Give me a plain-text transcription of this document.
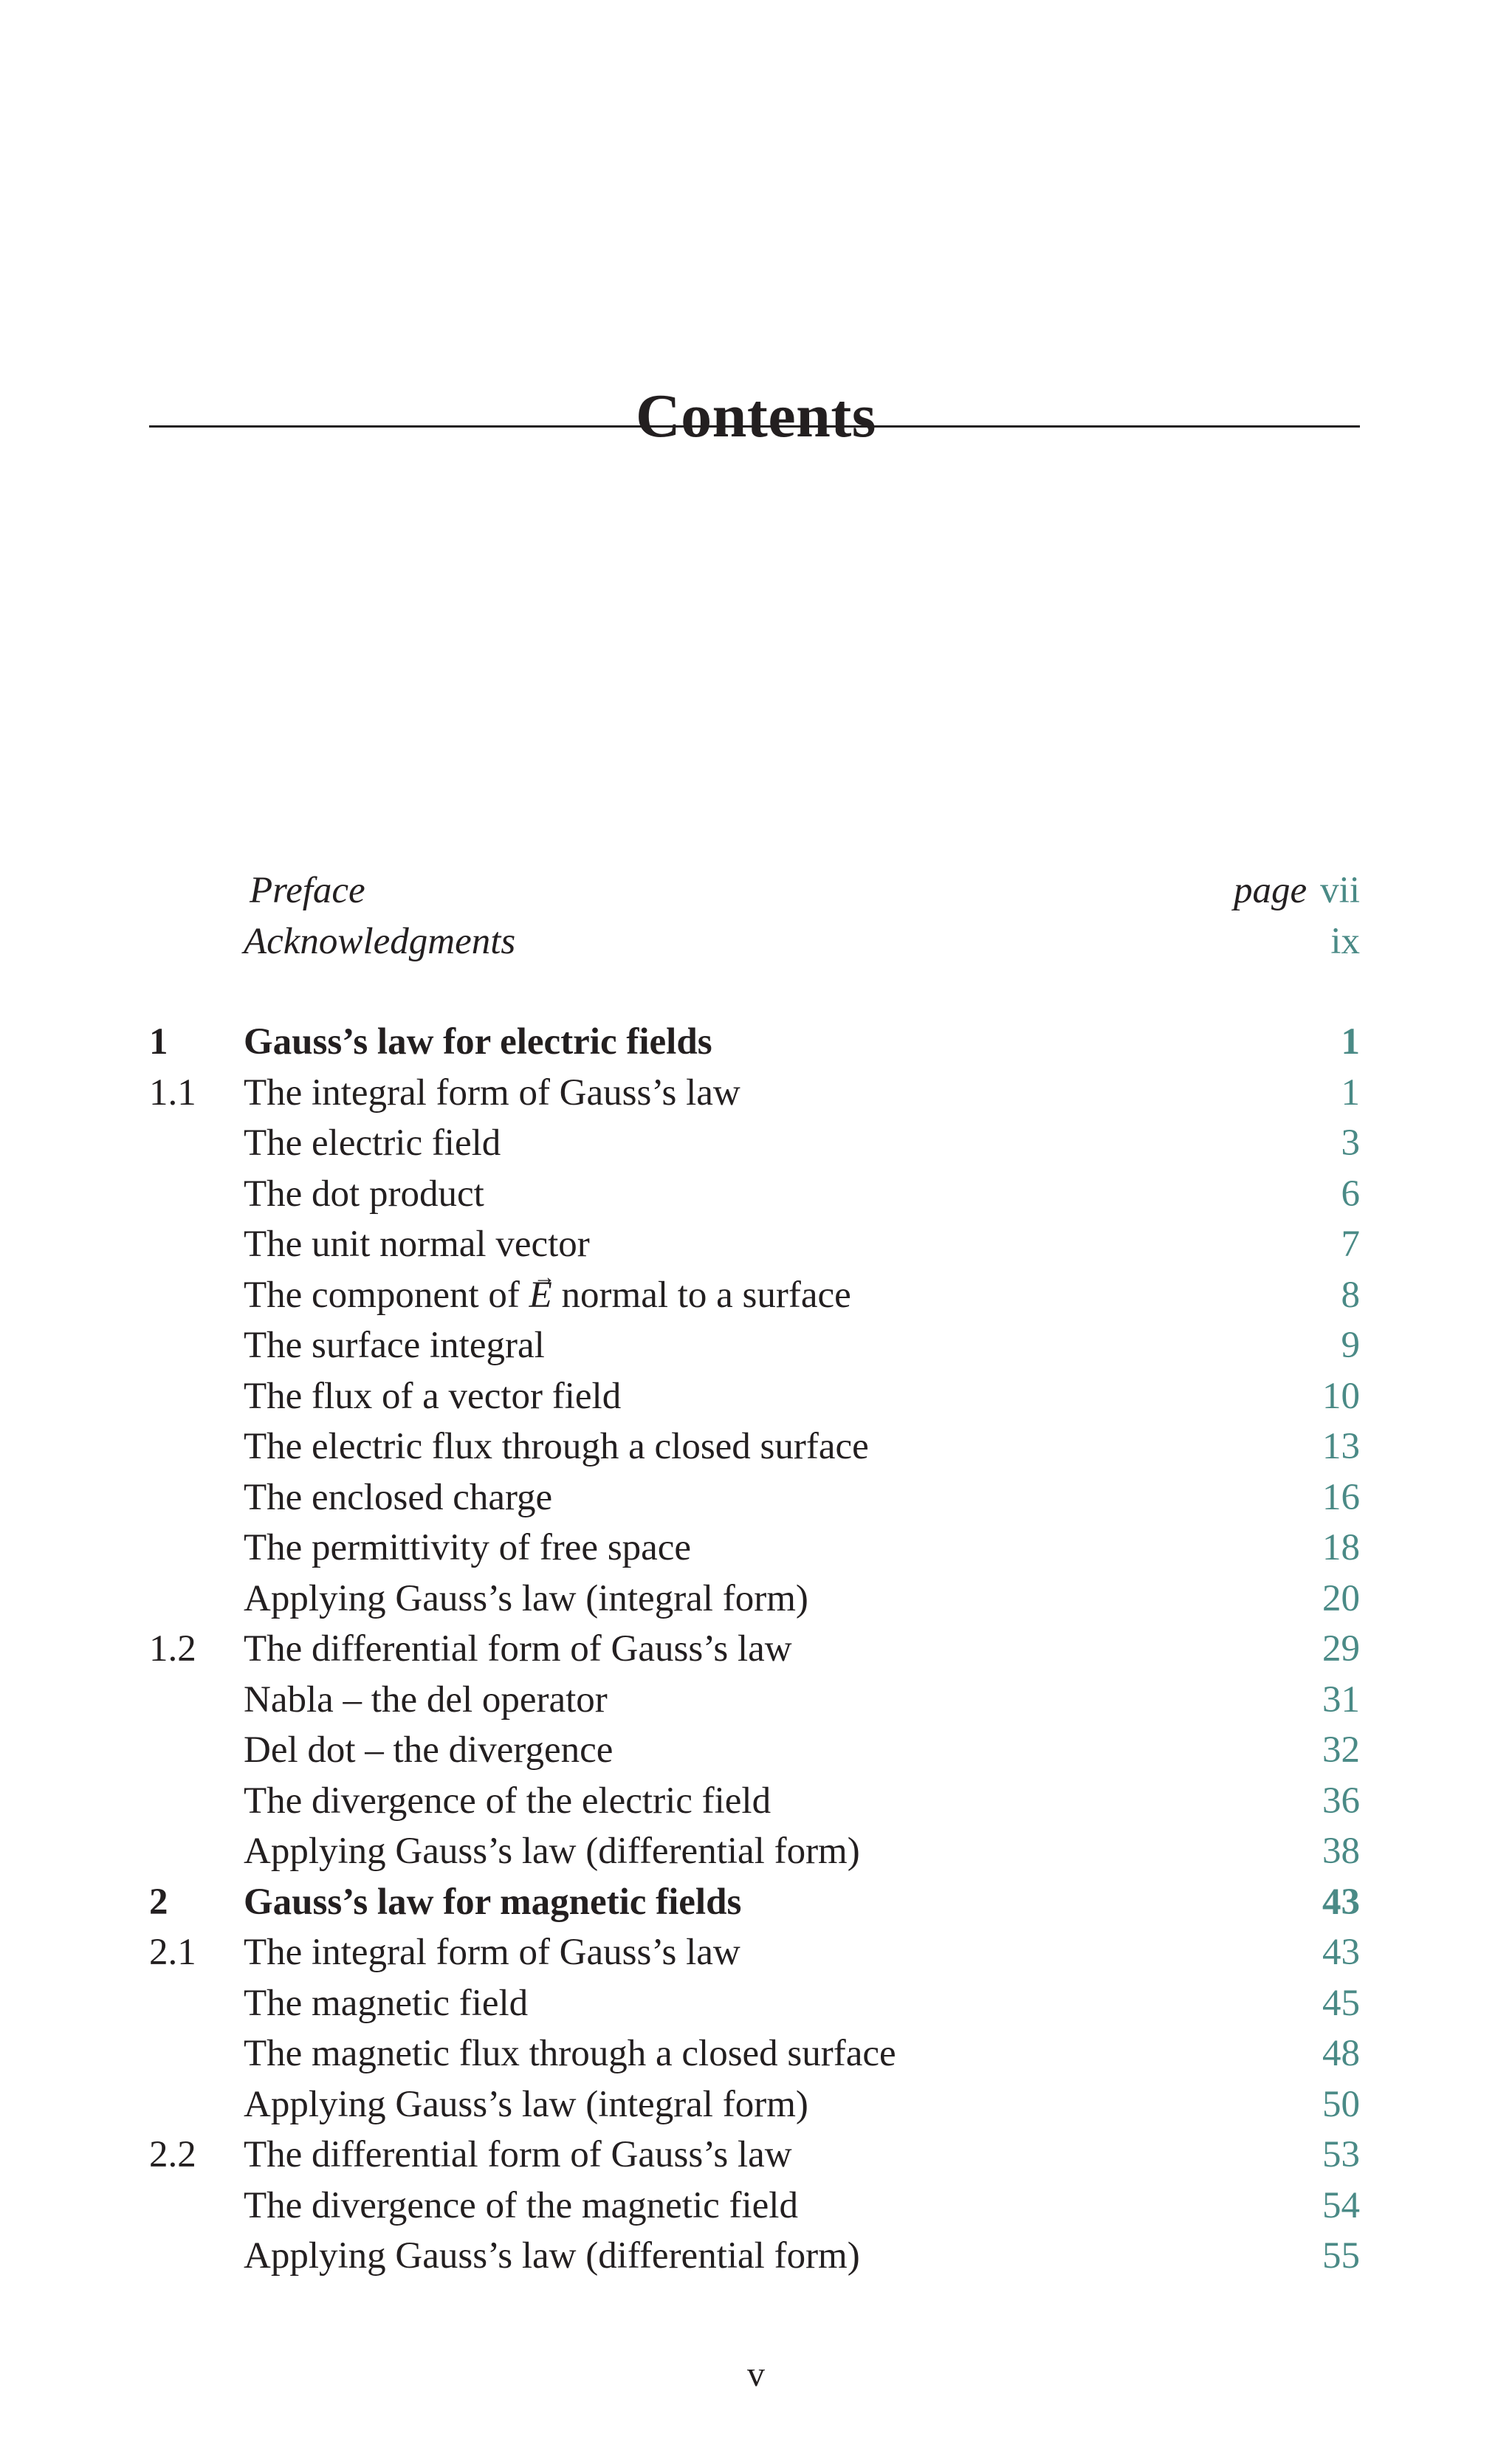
Contents
Preface	page vii
Acknowledgments	ix
1 Gauss’s law for electric fields	1
1.1 The integral form of Gauss’s law	1
The electric field	3
The dot product	6
The unit normal vector	7
The component of → E normal to a surface	8
The surface integral	9
The flux of a vector field	10
The electric flux through a closed surface	13
The enclosed charge	16
The permittivity of free space	18
Applying Gauss’s law (integral form)	20
1.2 The differential form of Gauss’s law	29
Nabla – the del operator	31
Del dot – the divergence	32
The divergence of the electric field	36
Applying Gauss’s law (differential form)	38
2 Gauss’s law for magnetic fields	43
2.1 The integral form of Gauss’s law	43
The magnetic field	45
The magnetic flux through a closed surface	48
Applying Gauss’s law (integral form)	50
2.2 The differential form of Gauss’s law	53
The divergence of the magnetic field	54
Applying Gauss’s law (differential form)	55
v
